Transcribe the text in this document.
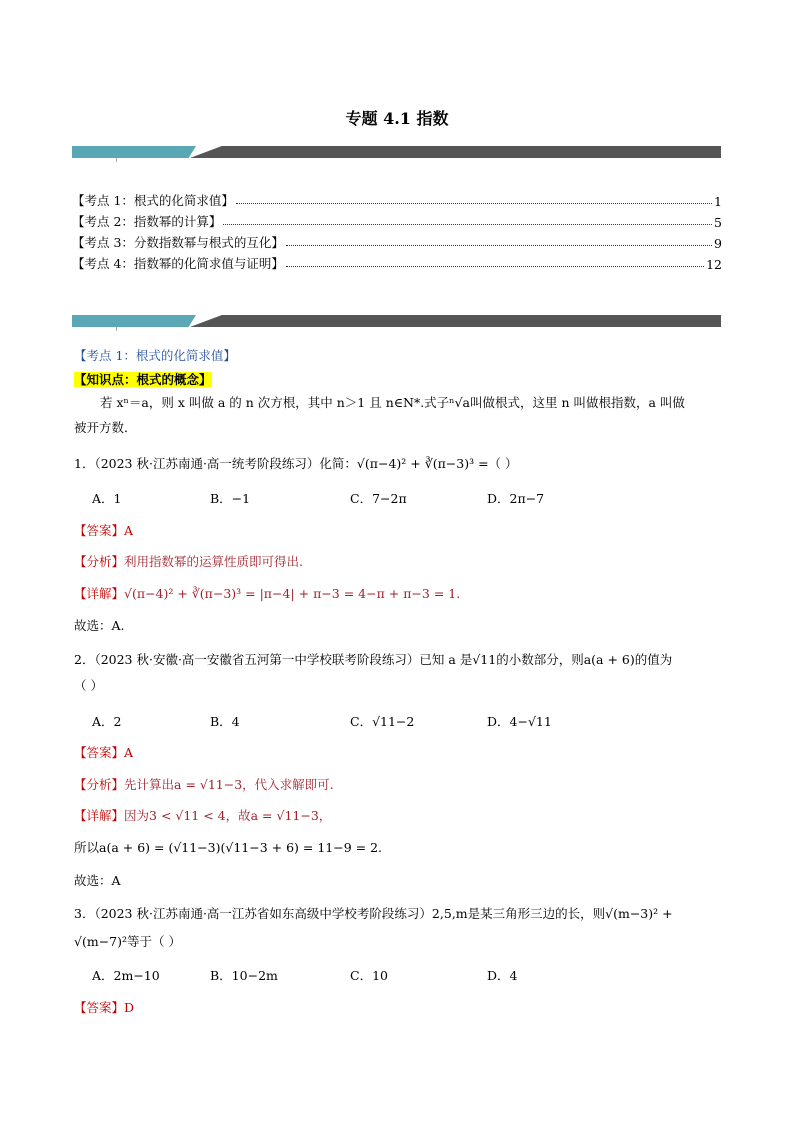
专题 4.1 指数
【考点 1：根式的化简求值】	1
【考点 2：指数幂的计算】	5
【考点 3：分数指数幂与根式的互化】	9
【考点 4：指数幂的化简求值与证明】	12
【考点 1：根式的化简求值】
【知识点：根式的概念】
若 xⁿ＝a，则 x 叫做 a 的 n 次方根，其中 n＞1 且 n∈N*.式子ⁿ√a叫做根式，这里 n 叫做根指数，a 叫做
被开方数．
1．（2023 秋·江苏南通·高一统考阶段练习）化简：√(π−4)² + ∛(π−3)³ =（ ）
A．1	B．−1	C．7−2π	D．2π−7
【答案】A
【分析】利用指数幂的运算性质即可得出.
【详解】√(π−4)² + ∛(π−3)³ = |π−4| + π−3 = 4−π + π−3 = 1.
故选：A.
2．（2023 秋·安徽·高一安徽省五河第一中学校联考阶段练习）已知 a 是√11的小数部分，则a(a + 6)的值为
（ ）
A．2	B．4	C．√11−2	D．4−√11
【答案】A
【分析】先计算出a = √11−3，代入求解即可.
【详解】因为3 < √11 < 4，故a = √11−3，
所以a(a + 6) = (√11−3)(√11−3 + 6) = 11−9 = 2.
故选：A
3．（2023 秋·江苏南通·高一江苏省如东高级中学校考阶段练习）2,5,m是某三角形三边的长，则√(m−3)² +
√(m−7)²等于（ ）
A．2m−10	B．10−2m	C．10	D．4
【答案】D
